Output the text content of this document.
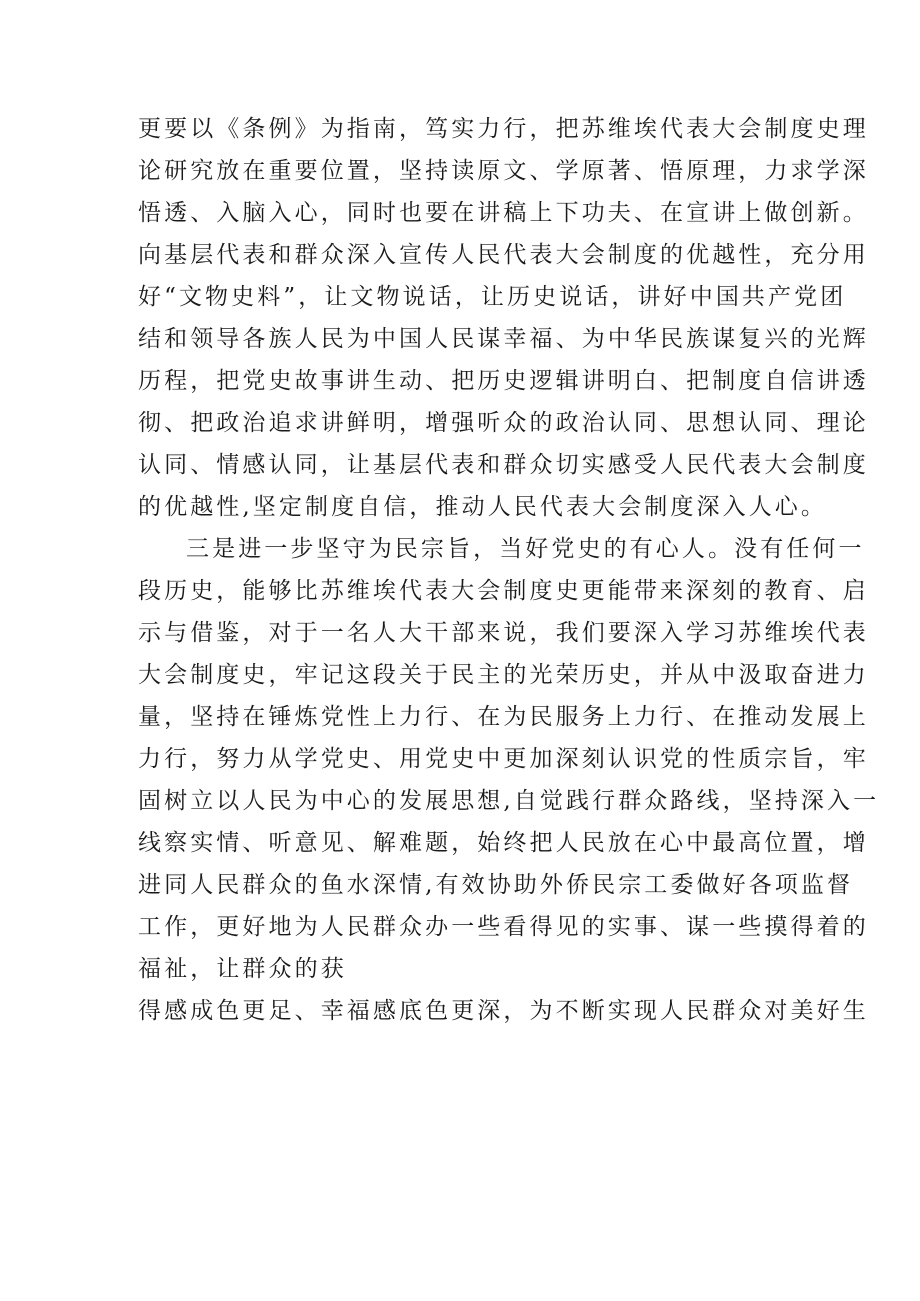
更要以《条例》为指南，笃实力行，把苏维埃代表大会制度史理
论研究放在重要位置，坚持读原文、学原著、悟原理，力求学深
悟透、入脑入心，同时也要在讲稿上下功夫、在宣讲上做创新。
向基层代表和群众深入宣传人民代表大会制度的优越性，充分用
好“文物史料”，让文物说话，让历史说话，讲好中国共产党团
结和领导各族人民为中国人民谋幸福、为中华民族谋复兴的光辉
历程，把党史故事讲生动、把历史逻辑讲明白、把制度自信讲透
彻、把政治追求讲鲜明，增强听众的政治认同、思想认同、理论
认同、情感认同，让基层代表和群众切实感受人民代表大会制度
的优越性,坚定制度自信，推动人民代表大会制度深入人心。
三是进一步坚守为民宗旨，当好党史的有心人。没有任何一
段历史，能够比苏维埃代表大会制度史更能带来深刻的教育、启
示与借鉴，对于一名人大干部来说，我们要深入学习苏维埃代表
大会制度史，牢记这段关于民主的光荣历史，并从中汲取奋进力
量，坚持在锤炼党性上力行、在为民服务上力行、在推动发展上
力行，努力从学党史、用党史中更加深刻认识党的性质宗旨，牢
固树立以人民为中心的发展思想,自觉践行群众路线，坚持深入一
线察实情、听意见、解难题，始终把人民放在心中最高位置，增
进同人民群众的鱼水深情,有效协助外侨民宗工委做好各项监督
工作，更好地为人民群众办一些看得见的实事、谋一些摸得着的
福祉，让群众的获
得感成色更足、幸福感底色更深，为不断实现人民群众对美好生
